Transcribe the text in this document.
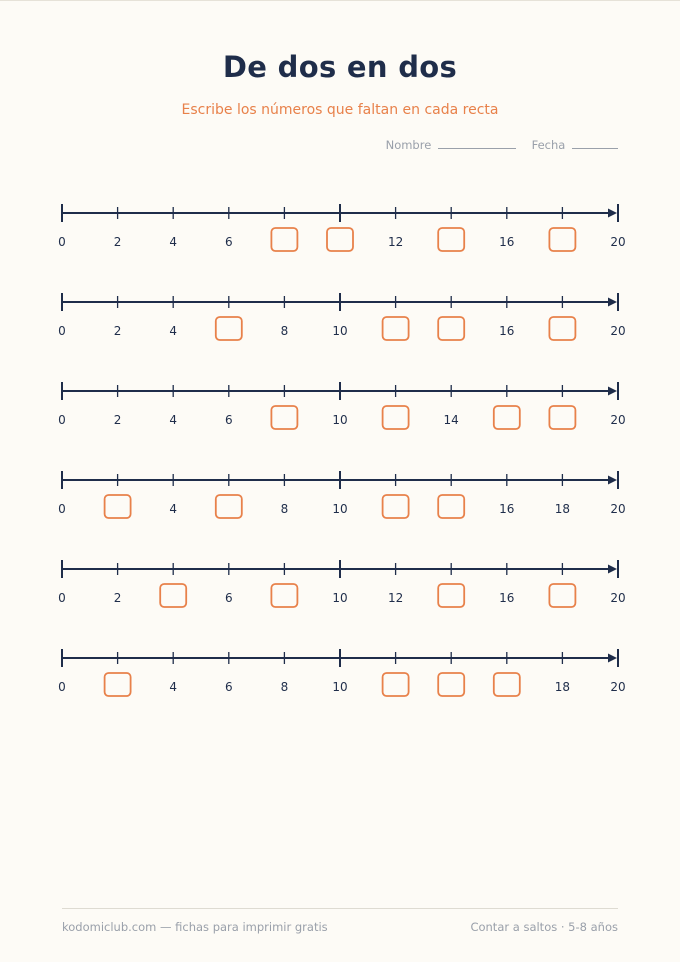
De dos en dos
Escribe los números que faltan en cada recta
Nombre	Fecha
0	2	4	6	12	16	20
0	2	4	8	10	16	20
0	2	4	6	10	14	20
0	4	8	10	16	18	20
0	2	6	10	12	16	20
0	4	6	8	10	18	20
kodomiclub.com — fichas para imprimir gratis	Contar a saltos · 5-8 años
